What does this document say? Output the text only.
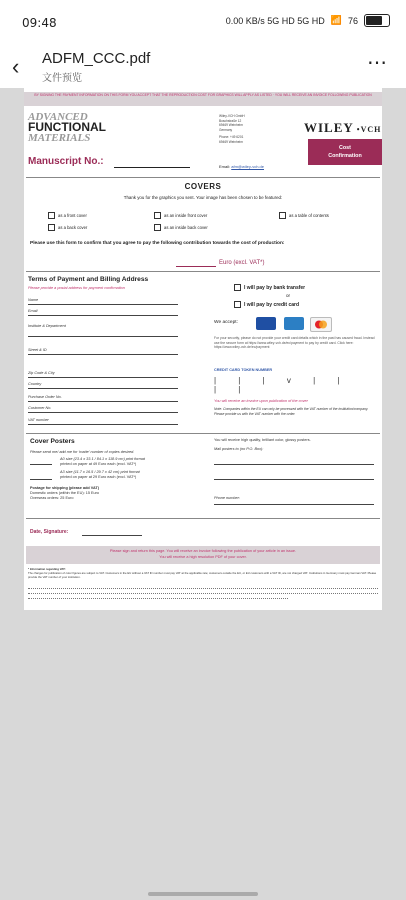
09:48	0.00 KB/s 5G HD 5G HD 📶 76
‹ ADFM_CCC.pdf
文件预览
⋯
BY SIGNING THE PAYMENT INFORMATION ON THIS FORM YOU ACCEPT THAT THE REPRODUCTION COST FOR GRAPHICS WILL APPLY AS LISTED · YOU WILL RECEIVE AN INVOICE FOLLOWING PUBLICATION
ADVANCED
FUNCTIONAL
MATERIALS
Wiley-VCH GmbH
Boschstraße 12
69469 Weinheim
Germany
Phone: +49 6201
69469 Weinheim
WILEY •VCH
Cost
Confirmation
Manuscript No.:	Email: afm@wiley-vch.de
COVERS
Thank you for the graphics you sent. Your image has been chosen to be featured:
as a front cover	as an inside front cover	as a table of contents
as a back cover	as an inside back cover
Please use this form to confirm that you agree to pay the following contribution towards the cost of production:
Euro (excl. VAT*)
Terms of Payment and Billing Address
Please provide a postal address for payment confirmation
Name
Email
Institute & Department
Street & ID
Zip Code & City
Country
Purchase Order No.
Customer No.
VAT number
I will pay by bank transfer
or
I will pay by credit card
We accept:
For your security, please do not provide your credit card details which in the past has caused fraud. Instead use the secure form at https://www.wiley-vch.de/ec/payment to pay by credit card. Click here: https://www.wiley-vch.de/ec/payment
CREDIT CARD TOKEN NUMBER
| | | v | | | |
You will receive an invoice upon publication of the cover
Note: Companies within the EU can only be processed with the VAT number of the institution/company. Please provide us with the VAT number with the order.
Cover Posters
Please send me/ add me for 'matte' number of copies desired.
A0 size (23.4 x 33.1 / 84.1 x 118.9 cm) print format
printed on paper at 49 Euro each (excl. VAT*)
A3 size (11.7 x 16.5 / 29.7 x 42 cm) print format
printed on paper at 29 Euro each (excl. VAT*)
Postage for shipping (please add VAT)
Domestic orders (within the EU): 15 Euro
Overseas orders: 25 Euro
You will receive high quality, brilliant color, glossy posters.
Mail posters to (no P.O. Box):
Phone number:
Date, Signature:
Please sign and return this page. You will receive an invoice following the publication of your article in an issue.
You will receive a high resolution PDF of your cover.
* Information regarding VAT:
The charges for publication of color figures are subject to VAT. Customers in the EU without a VAT ID number must pay VAT at the applicable rate; customers outside the EU, or EU customers with a VAT ID, are not charged VAT. Institutions in Germany must pay German VAT. Please provide the VAT number of your institution.
